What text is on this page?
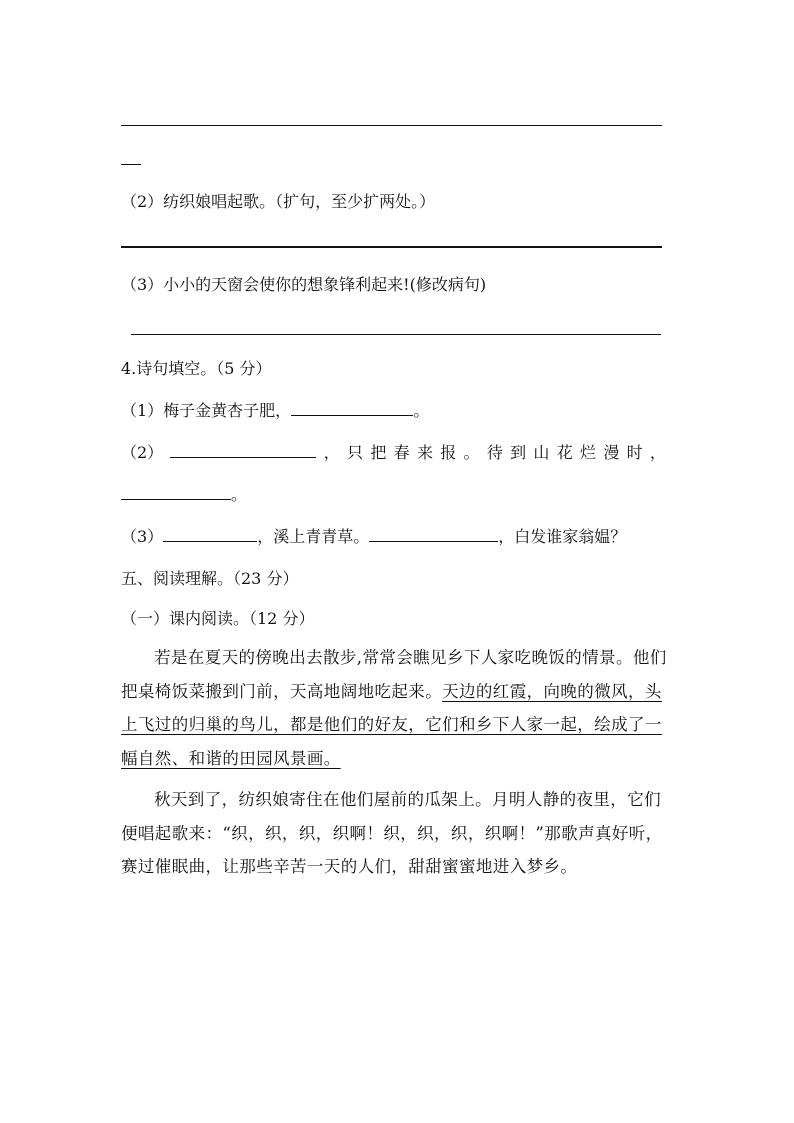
（2）纺织娘唱起歌。（扩句，至少扩两处。）
（3）小小的天窗会使你的想象锋利起来!(修改病句)
4.诗句填空。（5 分）
（1）梅子金黄杏子肥，	。
（2）	， 只 把 春 来 报 。 待 到 山 花 烂 漫 时 ，
。
（3）	，溪上青青草。	，白发谁家翁媪？
五、阅读理解。（23 分）
（一）课内阅读。（12 分）

若是在夏天的傍晚出去散步,常常会瞧见乡下人家吃晚饭的情景。他们把桌椅饭菜搬到门前，天高地阔地吃起来。天边的红霞，向晚的微风，头上飞过的归巢的鸟儿，都是他们的好友，它们和乡下人家一起，绘成了一幅自然、和谐的田园风景画。

秋天到了，纺织娘寄住在他们屋前的瓜架上。月明人静的夜里，它们便唱起歌来：“织，织，织，织啊！织，织，织，织啊！”那歌声真好听，赛过催眠曲，让那些辛苦一天的人们，甜甜蜜蜜地进入梦乡。
